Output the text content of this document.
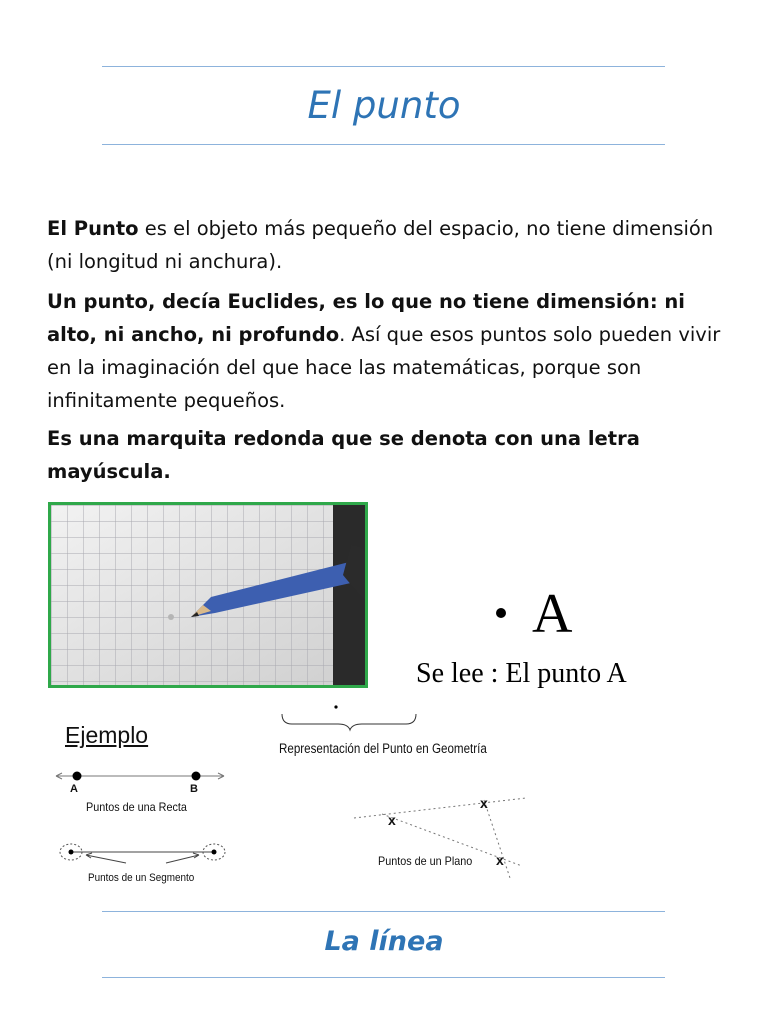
El punto

El Punto es el objeto más pequeño del espacio, no tiene dimensión (ni longitud ni anchura).

Un punto, decía Euclides, es lo que no tiene dimensión: ni alto, ni ancho, ni profundo. Así que esos puntos solo pueden vivir en la imaginación del que hace las matemáticas, porque son infinitamente pequeños.

Es una marquita redonda que se denota con una letra mayúscula.

A
Se lee : El punto A
Representación del Punto en Geometría
Ejemplo
A	B
Puntos de una Recta
Puntos de un Segmento
x
x
x
Puntos de un Plano
La línea
